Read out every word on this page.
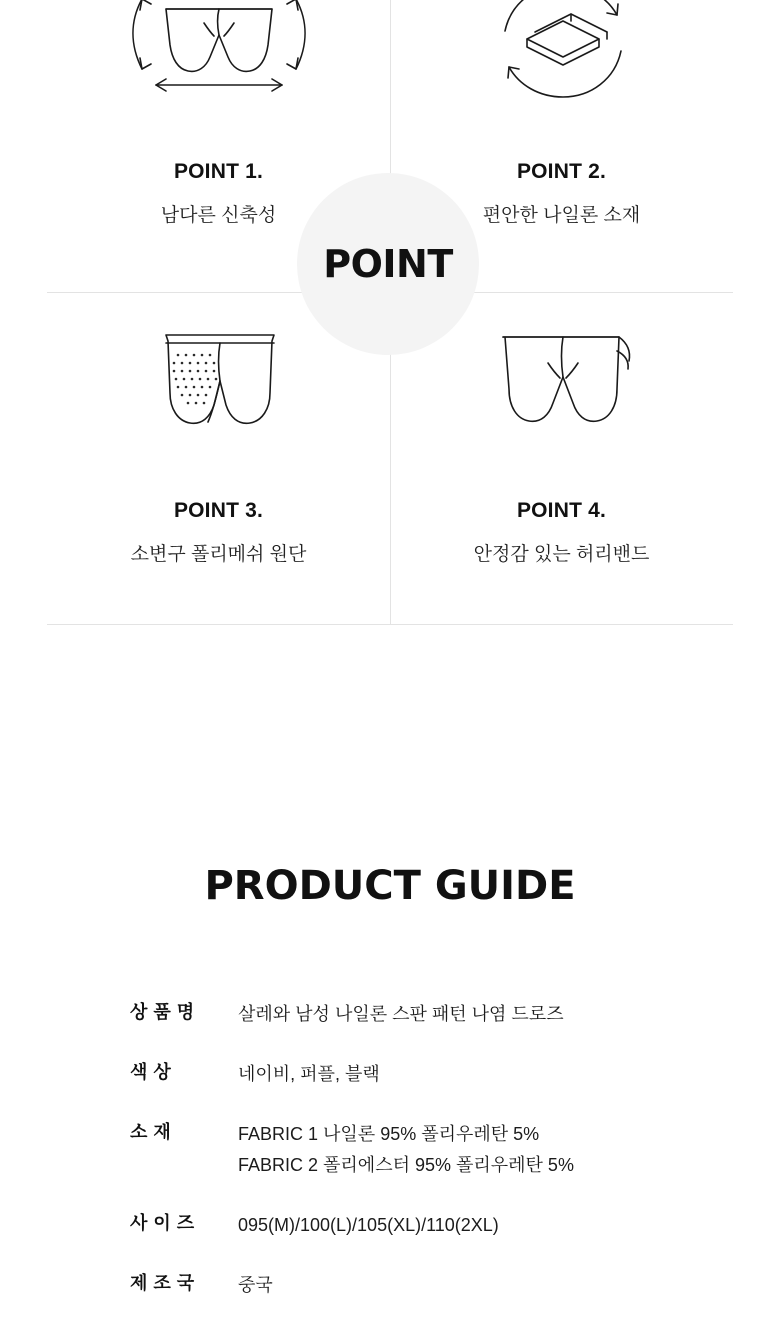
POINT 1.
남다른 신축성
POINT 2.
편안한 나일론 소재
POINT 3.
소변구 폴리메쉬 원단
POINT 4.
안정감 있는 허리밴드
POINT
PRODUCT GUIDE
상 품 명	살레와 남성 나일론 스판 패턴 나염 드로즈
색 상	네이비, 퍼플, 블랙
소 재	FABRIC 1 나일론 95% 폴리우레탄 5%
FABRIC 2 폴리에스터 95% 폴리우레탄 5%
사 이 즈	095(M)/100(L)/105(XL)/110(2XL)
제 조 국	중국
